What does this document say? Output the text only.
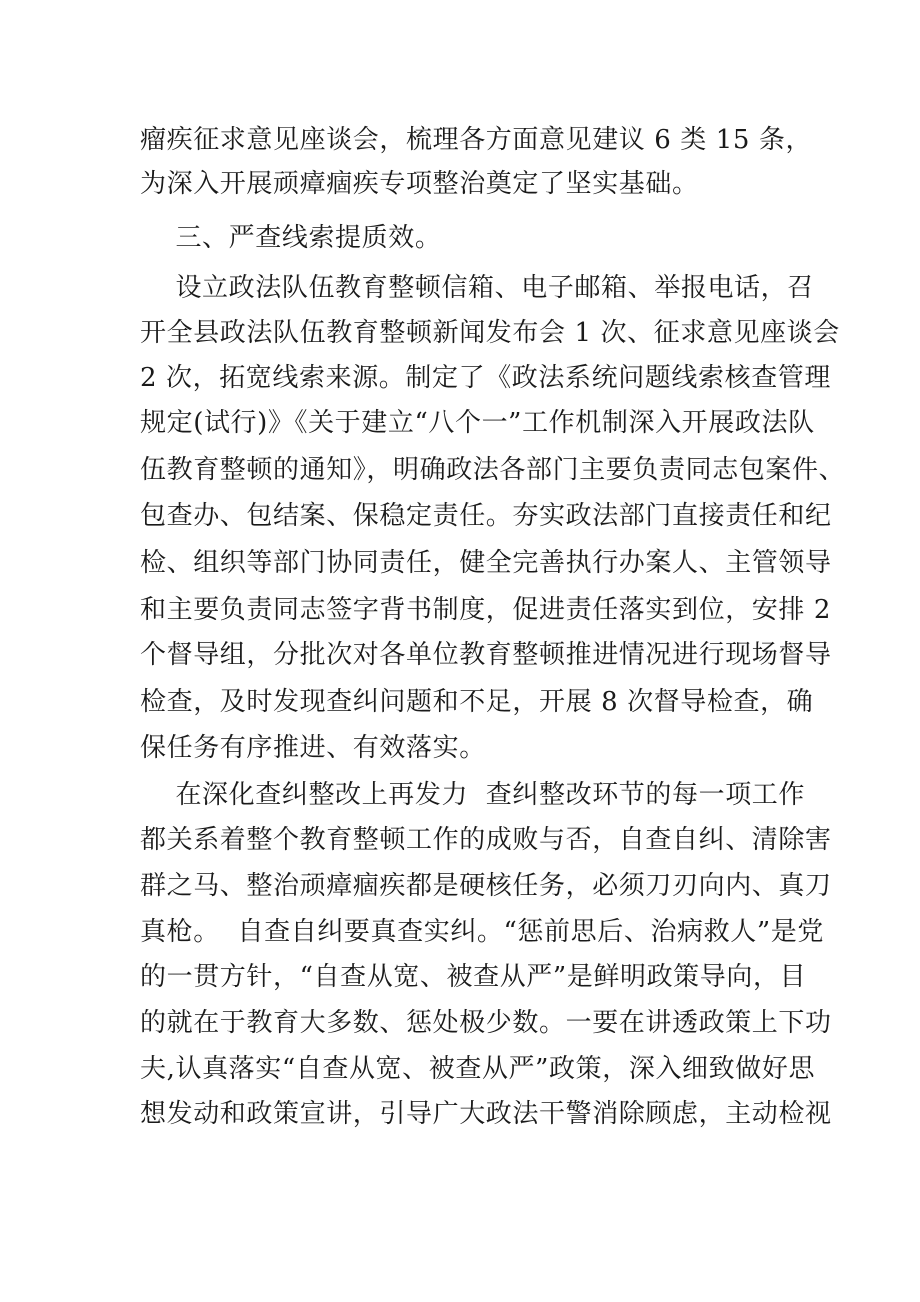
瘤疾征求意见座谈会，梳理各方面意见建议 6 类 15 条，
为深入开展顽瘴痼疾专项整治奠定了坚实基础。
三、严查线索提质效。
设立政法队伍教育整顿信箱、电子邮箱、举报电话，召
开全县政法队伍教育整顿新闻发布会 1 次、征求意见座谈会
2 次，拓宽线索来源。制定了《政法系统问题线索核查管理
规定(试行)》《关于建立“八个一”工作机制深入开展政法队
伍教育整顿的通知》，明确政法各部门主要负责同志包案件、
包查办、包结案、保稳定责任。夯实政法部门直接责任和纪
检、组织等部门协同责任，健全完善执行办案人、主管领导
和主要负责同志签字背书制度，促进责任落实到位，安排 2
个督导组，分批次对各单位教育整顿推进情况进行现场督导
检查，及时发现查纠问题和不足，开展 8 次督导检查，确
保任务有序推进、有效落实。
在深化查纠整改上再发力  查纠整改环节的每一项工作
都关系着整个教育整顿工作的成败与否，自查自纠、清除害
群之马、整治顽瘴痼疾都是硬核任务，必须刀刃向内、真刀
真枪。  自查自纠要真查实纠。“惩前思后、治病救人”是党
的一贯方针，“自查从宽、被查从严”是鲜明政策导向，目
的就在于教育大多数、惩处极少数。一要在讲透政策上下功
夫,认真落实“自查从宽、被查从严”政策，深入细致做好思
想发动和政策宣讲，引导广大政法干警消除顾虑，主动检视
